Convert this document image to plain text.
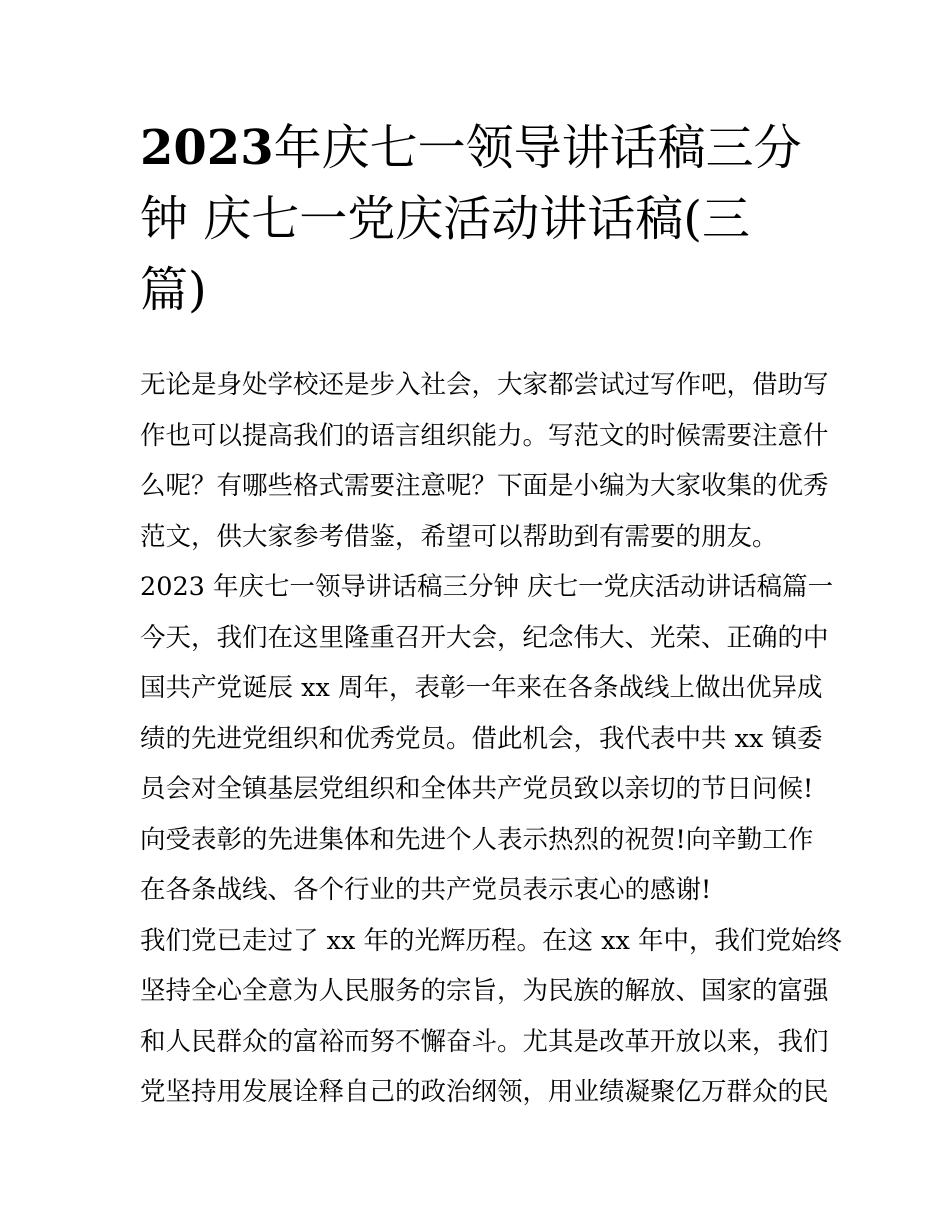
2023年庆七一领导讲话稿三分
钟 庆七一党庆活动讲话稿(三
篇)

无论是身处学校还是步入社会，大家都尝试过写作吧，借助写

作也可以提高我们的语言组织能力。写范文的时候需要注意什

么呢？有哪些格式需要注意呢？下面是小编为大家收集的优秀

范文，供大家参考借鉴，希望可以帮助到有需要的朋友。

2023 年庆七一领导讲话稿三分钟 庆七一党庆活动讲话稿篇一

今天，我们在这里隆重召开大会，纪念伟大、光荣、正确的中

国共产党诞辰 xx 周年，表彰一年来在各条战线上做出优异成

绩的先进党组织和优秀党员。借此机会，我代表中共 xx 镇委

员会对全镇基层党组织和全体共产党员致以亲切的节日问候!

向受表彰的先进集体和先进个人表示热烈的祝贺!向辛勤工作

在各条战线、各个行业的共产党员表示衷心的感谢!

我们党已走过了 xx 年的光辉历程。在这 xx 年中，我们党始终

坚持全心全意为人民服务的宗旨，为民族的解放、国家的富强

和人民群众的富裕而努不懈奋斗。尤其是改革开放以来，我们

党坚持用发展诠释自己的政治纲领，用业绩凝聚亿万群众的民
